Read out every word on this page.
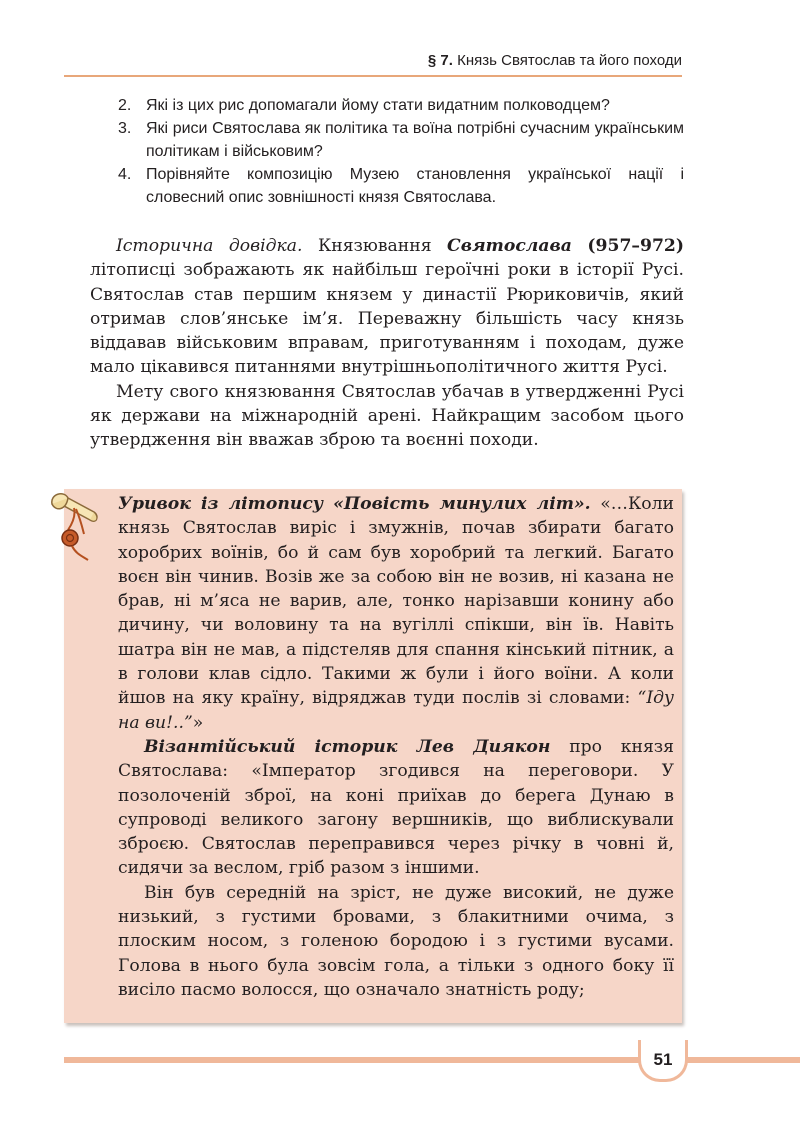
§ 7. Князь Святослав та його походи
2. Які із цих рис допомагали йому стати видатним полководцем?
3. Які риси Святослава як політика та воїна потрібні сучасним українським політикам і військовим?
4. Порівняйте композицію Музею становлення української нації і словесний опис зовнішності князя Святослава.

Історична довідка. Князювання Святослава (957–972) літописці зображають як найбільш героїчні роки в історії Русі. Святослав став першим князем у династії Рюриковичів, який отримав слов’янське ім’я. Переважну більшість часу князь віддавав військовим вправам, приготуванням і походам, дуже мало цікавився питаннями внутрішньополітичного життя Русі.

Мету свого князювання Святослав убачав в утвердженні Русі як держави на міжнародній арені. Найкращим засобом цього утвердження він вважав зброю та воєнні походи.

Уривок із літопису «Повість минулих літ». «…Коли князь Святослав виріс і змужнів, почав збирати багато хоробрих воїнів, бо й сам був хоробрий та легкий. Багато воєн він чинив. Возів же за собою він не возив, ні казана не брав, ні м’яса не варив, але, тонко нарізавши конину або дичину, чи воловину та на вугіллі спікши, він їв. Навіть шатра він не мав, а підстеляв для спання кінський пітник, а в голови клав сідло. Такими ж були і його воїни. А коли йшов на яку країну, відряджав туди послів зі словами: “Іду на ви!..”»

Візантійський історик Лев Диякон про князя Святослава: «Імператор згодився на переговори. У позолоченій зброї, на коні приїхав до берега Дунаю в супроводі великого загону вершників, що виблискували зброєю. Святослав переправився через річку в човні й, сидячи за веслом, гріб разом з іншими.

Він був середній на зріст, не дуже високий, не дуже низький, з густими бровами, з блакитними очима, з плоским носом, з голеною бородою і з густими вусами. Голова в нього була зовсім гола, а тільки з одного боку її висіло пасмо волосся, що означало знатність роду;

51
